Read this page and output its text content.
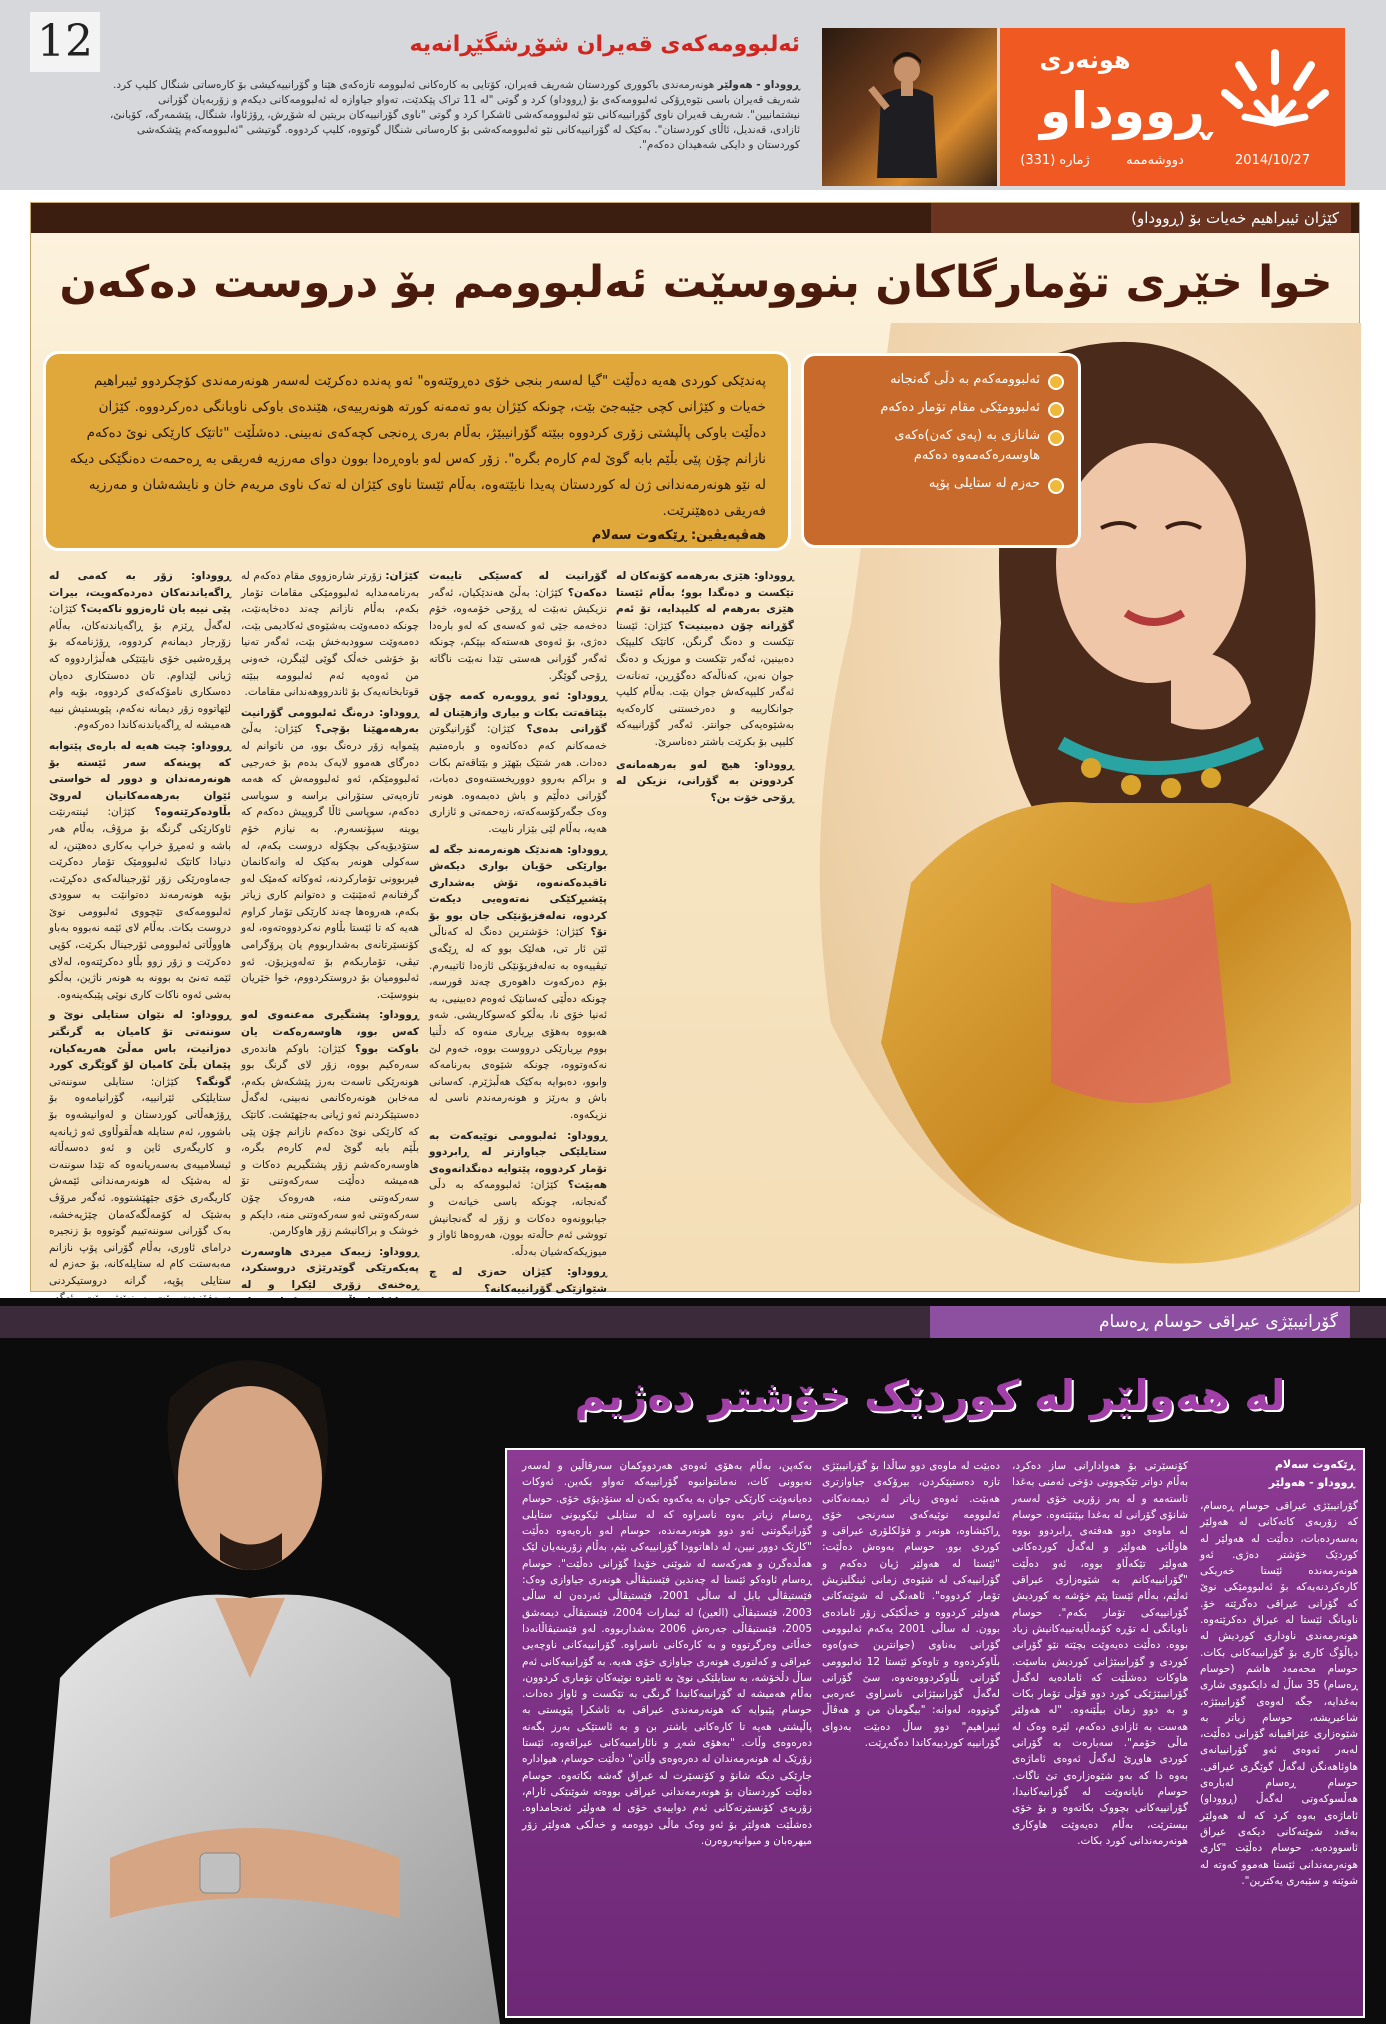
12	ئەلبوومەکەی قەیران شۆڕشگێڕانەیە
ڕووداو - هەولێر هونەرمەندی باکووری کوردستان شەریف قەیران، کۆتایی بە کارەکانی ئەلبوومە تازەکەی هێنا و گۆرانییەکیشی بۆ کارەساتی شنگال کلیپ کرد. شەریف قەیران باسی نێوەڕۆکی ئەلبوومەکەی بۆ (ڕووداو) کرد و گوتی "لە 11 تراک پێکدێت، تەواو جیاوازە لە ئەلبوومەکانی دیکەم و زۆربەیان گۆرانی نیشتمانیین". شەریف قەیران ناوی گۆرانییەکانی نێو ئەلبوومەکەشی ئاشکرا کرد و گوتی "ناوی گۆرانییەکان بریتین لە شۆڕش، ڕۆژئاوا، شنگال، پێشمەرگە، کۆبانێ، ئازادی، قەندیل، ئاڵای کوردستان". بەکێک لە گۆرانییەکانی نێو ئەلبوومەکەشی بۆ کارەساتی شنگال گوتووە، کلیپ کردووە. گوتیشی "ئەلبوومەکەم پێشکەشی کوردستان و دایکی شەهیدان دەکەم".
هونەری
ڕووداو
ژمارە (331)	دووشەممە	2014/10/27
کێژان ئیبراهیم خەیات بۆ (ڕووداو)
خوا خێری تۆمارگاکان بنووسێت ئەلبوومم بۆ دروست دەکەن
ئەلبوومەکەم بە دڵی گەنجانە
ئەلبوومێکی مقام تۆمار دەکەم
شانازی بە (پەی کەن)ەکەی هاوسەرەکەمەوە دەکەم
حەزم لە ستایلی پۆپە
پەندێکی کوردی هەیە دەڵێت "گیا لەسەر بنجی خۆی دەڕوێتەوە" ئەو پەندە دەکرێت لەسەر هونەرمەندی کۆچکردوو ئیبراهیم خەیات و کێژانی کچی جێبەجێ بێت، چونکە کێژان بەو تەمەنە کورتە هونەرییەی، هێندەی باوکی ناوبانگی دەرکردووە. کێژان دەڵێت باوکی پاڵپشتی زۆری کردووە ببێتە گۆرانیبێژ، بەڵام بەری ڕەنجی کچەکەی نەبینی. دەشڵێت "ئاتێک کارێکی نوێ دەکەم نازانم چۆن پێی بڵێم بابە گوێ لەم کارەم بگرە". زۆر کەس لەو باوەڕەدا بوون دوای مەرزیە فەریقی بە ڕەحمەت دەنگێکی دیکە لە نێو هونەرمەندانی ژن لە کوردستان پەیدا نابێتەوە، بەڵام ئێستا ناوی کێژان لە تەک ناوی مریەم خان و نایشەشان و مەرزیە فەریقی دەهێنرێت.
هەڤپەیڤین: ڕێکەوت سەلام

ڕووداو: هێزی بەرهەمە کۆنەکان لە تێکست و دەنگدا بوو؛ بەڵام ئێستا هێزی بەرهەم لە کلیپدایە، تۆ ئەم گۆڕانە چۆن دەبینیت؟ کێژان: ئێستا تێکست و دەنگ گرنگن، کاتێک کلیپێک دەبینین، ئەگەر تێکست و موزیک و دەنگ جوان نەبن، کەناڵەکە دەگۆڕین، تەنانەت ئەگەر کلیپەکەش جوان بێت. بەڵام کلیپ جوانکارییە و دەرخستنی کارەکەیە بەشێوەیەکی جوانتر. ئەگەر گۆرانییەکە کلیپی بۆ بکرێت باشتر دەناسرێ.

ڕووداو: هیچ لەو بەرهەمانەی کردووتن بە گۆرانی، نزیکن لە ڕۆحی خۆت بن؟

گۆرانیت لە کەسێکی تایبەت دەکەن؟ کێژان: بەڵێ هەندێکیان، ئەگەر نزیکیش نەبێت لە ڕۆحی خۆمەوە، خۆم دەخەمە جێی ئەو کەسەی کە لەو بارەدا دەژی، بۆ ئەوەی هەستەکە بپێکم، چونکە ئەگەر گۆرانی هەستی تێدا نەبێت ناگاتە ڕۆحی گوێگر.

ڕووداو: ئەو ڕووبەرە کەمە چۆن بێتاقەتت بکات و بیاری وازهێنان لە گۆرانی بدەی؟ کێژان: گۆرانیگوتن خەمەکانم کەم دەکاتەوە و بارەمتیم دەدات. هەر شتێک بێهێز و بێتاقەتم بکات و براکم بەروو دووریخستنەوەی دەبات، گۆرانی دەڵێم و باش دەبمەوە. هونەر وەک جگەرکۆسەکەتە، زەحمەتی و ئازاری هەیە، بەڵام لێی بێزار نابیت.

ڕووداو: هەندێک هونەرمەند جگە لە بوارێکی خۆیان بواری دیکەش تاقیدەکەنەوە، تۆش بەشداری پێشبڕکێکی نەتەوەیی دیکەت کردوە، تەلەفزیۆنێکی جان بوو بۆ تۆ؟ کێژان: خۆشترین دەنگ لە کەناڵی ئێن ئار تی، هەلێک بوو کە لە ڕێگەی تیڤییەوە بە تەلەفزیۆنێکی ئازەدا ئاتیبەرم. بۆم دەرکەوت داهوەری چەند قورسە، چونکە دەڵێی کەسانێک ئەوەم دەبینیی، بە ئەنیا خۆی نا، بەڵکو کەسوکاریشی. شەو هەبووە بەهۆی بڕیاری منەوە کە دڵنیا بووم بڕیارێکی درووست بووە، خەوم لێ نەکەوتووە، چونکە شێوەی بەرنامەکە وابوو، دەبوایە بەکێک هەڵبژێرم. کەسانی باش و بەرێز و هونەرمەندم ناسی لە نزیکەوە.

ڕووداو: ئەلبوومی نوێیەکەت بە ستایلێکی جیاوازتر لە ڕابردوو تۆمار کردووە، پێتوایە دەنگدانەوەی هەبێت؟ کێژان: ئەلبوومەکە بە دڵی گەنجانە، چونکە باسی خیانەت و جیابوونەوە دەکات و زۆر لە گەنجانیش تووشی ئەم حاڵەتە بوون، هەروەها ئاواز و میوزیکەکەشیان بەدڵە.

ڕووداو: کێژان حەزی لە چ شێوازێکی گۆرانییەکانە؟

کێژان: زۆرتر شارەزووی مقام دەکەم لە بەرنامەمدایە ئەلبوومێکی مقامات تۆمار بکەم، بەڵام نازانم چەند دەخایەنێت، چونکە دەمەوێت بەشێوەی ئەکادیمی بێت، دەمەوێت سوودبەخش بێت، ئەگەر تەنیا بۆ خۆشی خەڵک گوێی لێبگرن، خەونی من ئەوەیە ئەم ئەلبوومە ببێتە قوتابخانەیەک بۆ ئاندرووهەندانی مقامات.

ڕووداو: درەنگ ئەلبوومی گۆرانیت بەرهەمهێنا بۆچی؟ کێژان: بەڵێ پێموایە زۆر درەنگ بوو، من ناتوانم لە دەرگای هەموو لایەک بدەم بۆ خەرجیی ئەلبوومێکم، ئەو ئەلبوومەش کە هەمە تازەیەتی ستۆرانی براسە و سویاسی دەکەم، سوپاسی ئاڵا گروپیش دەکەم کە یوینە سپۆنسەرم. بە نیازم خۆم ستۆدیۆیەکی بچکۆلە دروست بکەم، لە سەکولی هونەر بەکێک لە وانەکانمان فیربوونی تۆمارکردنە، ئەوکاتە کەمێک لەو گرفتانەم ئەمێنێت و دەتوانم کاری زیاتر بکەم، هەروەها چەند کارێکی تۆمار کراوم هەیە کە تا ئێستا بڵاوم نەکردووەتەوە، لەو کۆنسێرتانەی بەشداربووم یان پرۆگرامی تیڤی، تۆماربکەم بۆ تەلەویزیۆن. ئەو ئەلبوومیان بۆ دروستکردووم، خوا خێریان بنووسێت.

ڕووداو: پشتگیری مەعنەوی لەو کەس بوو، هاوسەرەکەت یان باوکت بوو؟ کێژان: باوکم هاندەری سەرەکیم بووە، زۆر لای گرنگ بوو هونەرێکی تاسەت بەرز پێشکەش بکەم، مەخابن هونەرەکانمی نەبینی، لەگەڵ دەستپێکردنم ئەو ژیانی بەجێهێشت. کاتێک کە کارێکی نوێ دەکەم نازانم چۆن پێی بڵێم بابە گوێ لەم کارەم بگرە، هاوسەرەکەشم زۆر پشتگیریم دەکات و هەمیشە دەڵێت سەرکەوتنی تۆ سەرکەوتنی منە، هەروەک چۆن سەرکەوتنی ئەو سەرکەوتنی منە، دایکم و خوشک و براکانیشم زۆر هاوکارمن.

ڕووداو: زیبەک میردی هاوسەرت پەیکەرێکی گوێدرێژی دروستکرد، ڕەخنەی زۆری لێکرا و لە

ڕووداو: زۆر بە کەمی لە ڕاگەیاندنەکان دەردەکەویت، بیرات پێی نییە یان ئارەزوو ناکەیت؟ کێژان: لەگەڵ ڕێزم بۆ ڕاگەیاندنەکان، بەڵام زۆرجار دیمانەم کردووە، ڕۆژنامەکە بۆ پرۆڕەشیی خۆی نابێتێکی هەڵبژاردووە کە ژیانی لێداوم. تان دەستکاری دەیان دەسکاری نامۆکەکەی کردووە، بۆیە وام لێهاتووە زۆر دیمانە نەکەم، پێویستیش نییە هەمیشە لە ڕاگەیاندنەکاندا دەرکەوم.

ڕووداو: چیت هەیە لە بارەی پێتوابە کە پوینەکە سەر ئێستە بۆ هونەرمەندان و دوور لە خواستی ئێوان بەرهەمەکانیان لەروێ بڵاودەکرێتەوە؟ کێژان: ئینتەرنێت ئاوکارێکی گرنگە بۆ مرۆڤ، بەڵام هەر باشە و ئەمڕۆ خراپ بەکاری دەهێنن، لە دنیادا کاتێک ئەلبوومێک تۆمار دەکرێت جەماوەرێکی زۆر ئۆرجینالەکەی دەکڕێت، بۆیە هونەرمەند دەتوانێت بە سوودی ئەلبوومەکەی تێچووی ئەلبوومی نوێ دروست بکات. بەڵام لای ئێمە نەبووە بەباو هاووڵاتی ئەلبوومی ئۆرجینال بکرێت، کۆپی دەکرێت و زۆر زوو بڵاو دەکرێتەوە، لەلای ئێمە تەنێ بە بوونە بە هونەر ناژین، بەڵکو بەشی ئەوە ناکات کاری نوێی پێبکەینەوە.

ڕووداو: لە نێوان ستایلی نوێ و سوننەتی تۆ کامیان بە گرنگتر دەزانیت، باس مەڵێ هەریەکیان، پێمان بڵێ کامیان لۆ گوێگری کورد گونگە؟ کێژان: ستایلی سوننەتی ستایلێکی ئێرانییە، گۆرانیامەوە بۆ ڕۆژهەڵاتی کوردستان و لەوانیشەوە بۆ باشوور، ئەم ستایلە هەڵقوڵاوی ئەو ژیانەیە و کاریگەری ئاین و ئەو دەسەڵاتە ئیسلامییەی بەسەریانەوە کە تێدا سوننەت لە بەشێک لە هونەرمەندانی ئێمەش کاریگەری خۆی جێهێشتووە. ئەگەر مرۆڤ بەشێک لە کۆمەڵگەکەمان چێژیەخشە، بەک گۆرانی سوننەتییم گوتووە بۆ زنجیرە درامای ئاوری، بەڵام گۆرانی پۆپ نازانم مەبەستت کام لە ستایلەکانە، بۆ حەزم لە ستایلی پۆپە، گرانە دروستیکردنی

گۆرانیبێژی عیراقی حوسام ڕەسام
لە هەولێر لە کوردێک خۆشتر دەژیم
ڕێکەوت سەلام
ڕووداو - هەولێر
گۆرانیبێژی عیراقی حوسام ڕەسام، کە زۆربەی کاتەکانی لە هەولێر بەسەردەبات، دەڵێت لە هەولێر لە کوردێک خۆشتر دەژی. ئەو هونەرمەندە ئێستا خەریکی کارەکردنەیەکە بۆ ئەلبوومێکی نوێ کە گۆرانی عیراقی دەگرێتە خۆ. ناوبانگ ئێستا لە عیراق دەکرێتەوە. هونەرمەندی ناوداری کوردیش لە دیاڵۆگ کاری بۆ گۆرانییەکانی بکات. حوسام محەمەد هاشم (حوسام ڕەسام) 35 ساڵ لە دایکبووی شاری بەغدایە، جگە لەوەی گۆرانیبێژە، شاعیریشە، حوسام زیاتر بە شێوەزاری عێراقییانە گۆرانی دەڵێت، لەبەر ئەوەی ئەو گۆرانییانەی هاوئاهەنگن لەگەڵ گوێگری عیراقی. حوسام ڕەسام لەبارەی هەڵسوکەوتی لەگەڵ (ڕووداو) ئاماژەی بەوە کرد کە لە هەولێر بەقەد شوێنەکانی دیکەی عیراق ئاسوودەیە. حوسام دەڵێت "کاری هونەرمەندانی ئێستا هەموو کەوتە لە شوێنە و سێبەری یەکترین".
کۆنسێرتی بۆ هەوادارانی ساز دەکرد، بەڵام دواتر تێکچوونی دۆخی ئەمنی بەغدا ئاستەمە و لە بەر زۆریی خۆی لەسەر شانۆی گۆرانی لە بەغدا بپێنێتەوە. حوسام لە ماوەی دوو هەفتەی ڕابردوو بووە هاوڵاتی هەولێر و لەگەڵ کوردەکانی هەولێر تێکەڵاو بووە، ئەو دەڵێت "گۆرانییەکانم بە شێوەزاری عیراقی ئەڵێم، بەڵام ئێستا پێم خۆشە بە کوردیش گۆرانییەکی تۆمار بکەم". حوسام ناوبانگی لە تۆڕە کۆمەڵایەتییەکانیش زیاد بووە. دەڵێت دەیەوێت بچێتە نێو گۆرانی کوردی و گۆرانیبێژانی کوردیش بناسێت. هاوکات دەشڵێت کە ئامادەیە لەگەڵ گۆرانیبێژێکی کورد دوو قۆڵی تۆمار بکات و بە دوو زمان بیڵێنەوە. "لە هەولێر هەست بە ئازادی دەکەم، لێرە وەک لە ماڵی خۆمم". سەبارەت بە گۆرانی کوردی هاوڕێ لەگەڵ ئەوەی ئاماژەی بەوە دا کە بەو شێوەزارەی تێ ناگات. حوسام نایانەوێت لە گۆرانیەکانیدا، گۆرانییەکانی بچووک بکاتەوە و بۆ خۆی بیسترێت، بەڵام دەیەوێت هاوکاری هونەرمەندانی کورد بکات.
دەبێت لە ماوەی دوو ساڵدا بۆ گۆرانیبێژی تازە دەستپێکردن، بیرۆکەی جیاوازتری هەبێت. ئەوەی زیاتر لە دیمەنەکانی ئەلبوومە نوێیەکەی سەرنجی خۆی ڕاکێشاوە، هونەر و فۆلکلۆری عیراقی و کوردی بوو. حوسام بەوەش دەڵێت: "ئێستا لە هەولێر ژیان دەکەم و گۆرانییەکی لە شێوەی زمانی ئینگلیزیش تۆمار کردووە". ئاهەنگی لە شوێنەکانی هەولێر کردووە و خەڵکێکی زۆر ئامادەی بوون. لە ساڵی 2001 یەکەم ئەلبوومی گۆرانی بەناوی (جوانترین خەو)ەوە بڵاوکردەوە و تاوەکو ئێستا 12 ئەلبوومی گۆرانی بڵاوکردووەتەوە، سێ گۆرانی لەگەڵ گۆرانیبێژانی ناسراوی عەرەبی گوتووە، لەوانە: "بیگومان من و هەڤاڵ ئیبراهیم" دوو ساڵ دەبێت بەدوای گۆرانییە کوردییەکاندا دەگەڕێت.
بەکەپن، بەڵام بەهۆی ئەوەی هەردووکمان سەرقاڵین و لەسەر نەبوونی کات، نەمانتوانیوە گۆرانییەکە تەواو بکەین. ئەوکات دەیانەوێت کارێکی جوان بە یەکەوە بکەن لە ستۆدیۆی خۆی. حوسام ڕەسام زیاتر بەوە ناسراوە کە لە ستایلی ئیکویونی ستایلی گۆرانیگوتنی ئەو دوو هونەرمەندە، حوسام لەو بارەیەوە دەڵێت "کارێک دوور نیین، لە داهاتوودا گۆرانییەکی بێم، بەڵام زۆرینەیان لێک هەڵدەگرن و هەرکەسە لە شوێنی خۆیدا گۆرانی دەڵێت". حوسام ڕەسام ئاوەکو ئێستا لە چەندین فێستیڤاڵی هونەری جیاوازی وەک: فێستیڤاڵی بابل لە ساڵی 2001، فێستیڤاڵی ئەردەن لە ساڵی 2003، فێستیڤاڵی (العین) لە ئیمارات 2004، فێستیڤاڵی دیمەشق 2005، فێستیڤاڵی جەرەش 2006 بەشداربووە. لەو فێستیڤاڵانەدا خەڵاتی وەرگرتووە و بە کارەکانی ناسراوە. گۆرانییەکانی ناوچەیی عیراقی و کەلتوری هونەری جیاوازی خۆی هەیە. بە گۆرانییەکانی ئەم ساڵ دڵخۆشە، بە ستایلێکی نوێ بە ئامێرە نوێیەکان تۆماری کردوون، بەڵام هەمیشە لە گۆرانییەکانیدا گرنگی بە تێکست و ئاواز دەدات. حوسام پێیوایە کە هونەرمەندی عیراقی بە ئاشکرا پێویستی بە پاڵپشتی هەیە تا کارەکانی باشتر بن و بە ئاستێکی بەرز بگەنە دەرەوەی وڵات. "بەهۆی شەڕ و نائارامییەکانی عیراقەوە، ئێستا زۆرێک لە هونەرمەندان لە دەرەوەی وڵاتن" دەڵێت حوسام، هیوادارە جارێکی دیکە شانۆ و کۆنسێرت لە عیراق گەشە بکاتەوە. حوسام دەڵێت کوردستان بۆ هونەرمەندانی عیراقی بووەتە شوێنێکی ئارام، زۆربەی کۆنسێرتەکانی ئەم دواییەی خۆی لە هەولێر ئەنجامداوە. دەشڵێت هەولێر بۆ ئەو وەک ماڵی دووەمە و خەڵکی هەولێر زۆر میهرەبان و میوانپەروەرن.
